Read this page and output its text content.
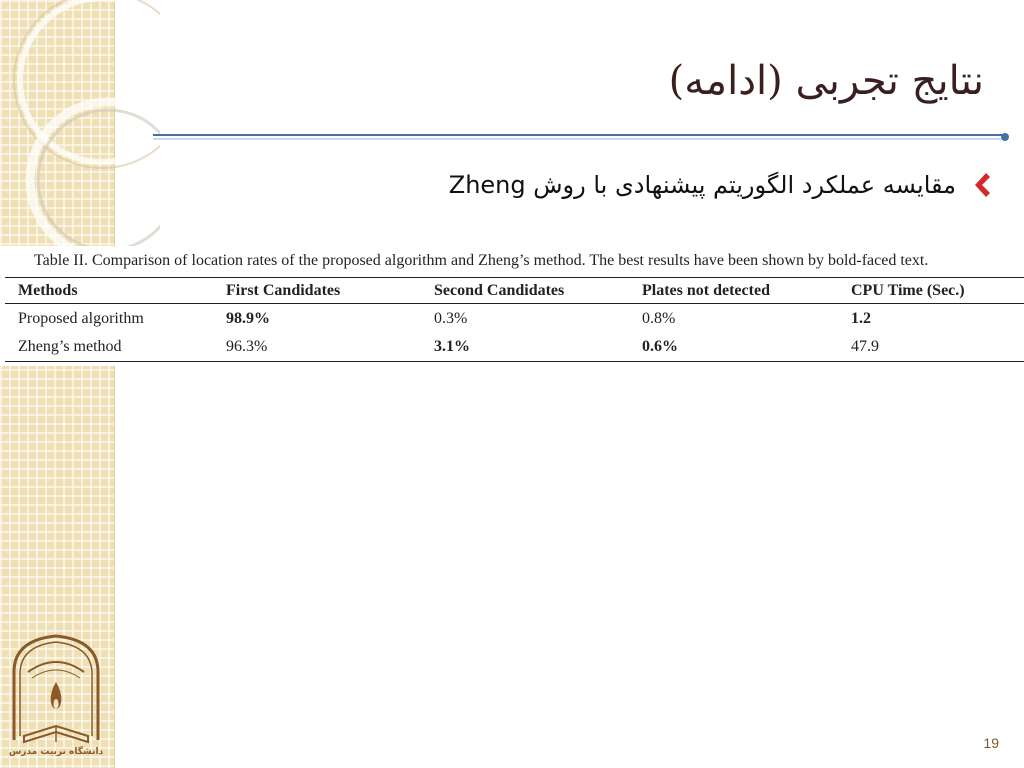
نتایج تجربی (ادامه)
مقایسه عملکرد الگوریتم پیشنهادی با روش Zheng
Table II. Comparison of location rates of the proposed algorithm and Zheng’s method. The best results have been shown by bold-faced text.
Methods	First Candidates	Second Candidates	Plates not detected	CPU Time (Sec.)
Proposed algorithm	98.9%	0.3%	0.8%	1.2
Zheng’s method	96.3%	3.1%	0.6%	47.9
دانشگاه تربیت مدرس
19
